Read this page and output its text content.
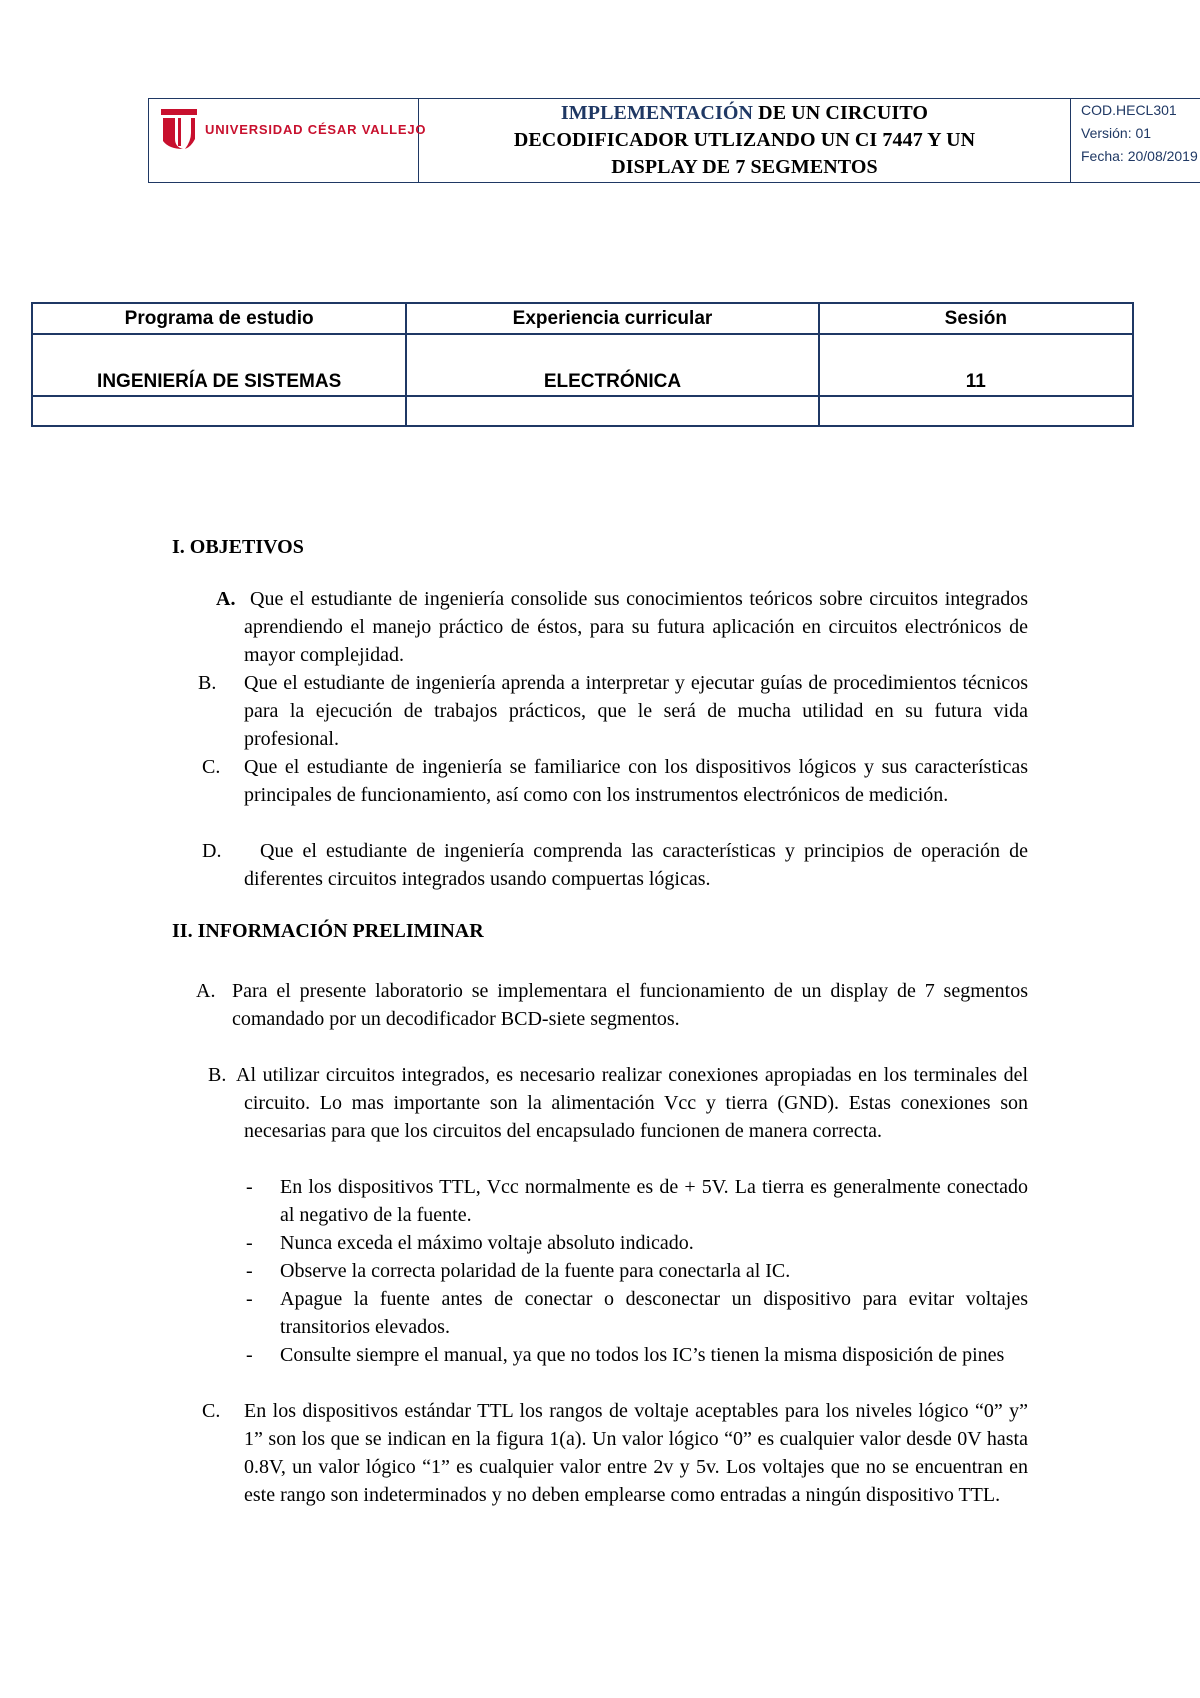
UNIVERSIDAD CÉSAR VALLEJO
IMPLEMENTACIÓN DE UN CIRCUITO
DECODIFICADOR UTLIZANDO UN CI 7447 Y UN
DISPLAY DE 7 SEGMENTOS
COD.HECL301
Versión: 01
Fecha: 20/08/2019
Programa de estudio	Experiencia curricular	Sesión
INGENIERÍA DE SISTEMAS	ELECTRÓNICA	11

I. OBJETIVOS
A. Que el estudiante de ingeniería consolide sus conocimientos teóricos sobre circuitos integrados aprendiendo el manejo práctico de éstos, para su futura aplicación en circuitos electrónicos de mayor complejidad.
B. Que el estudiante de ingeniería aprenda a interpretar y ejecutar guías de procedimientos técnicos para la ejecución de trabajos prácticos, que le será de mucha utilidad en su futura vida profesional.
C. Que el estudiante de ingeniería se familiarice con los dispositivos lógicos y sus características principales de funcionamiento, así como con los instrumentos electrónicos de medición.
D.	Que el estudiante de ingeniería comprenda las características y principios de operación de diferentes circuitos integrados usando compuertas lógicas.
II. INFORMACIÓN PRELIMINAR
A. Para el presente laboratorio se implementara el funcionamiento de un display de 7 segmentos comandado por un decodificador BCD-siete segmentos.
B. Al utilizar circuitos integrados, es necesario realizar conexiones apropiadas en los terminales del circuito. Lo mas importante son la alimentación Vcc y tierra (GND). Estas conexiones son necesarias para que los circuitos del encapsulado funcionen de manera correcta.
- En los dispositivos TTL, Vcc normalmente es de + 5V. La tierra es generalmente conectado al negativo de la fuente.
- Nunca exceda el máximo voltaje absoluto indicado.
- Observe la correcta polaridad de la fuente para conectarla al IC.
- Apague la fuente antes de conectar o desconectar un dispositivo para evitar voltajes transitorios elevados.
- Consulte siempre el manual, ya que no todos los IC’s tienen la misma disposición de pines
C. En los dispositivos estándar TTL los rangos de voltaje aceptables para los niveles lógico “0” y” 1” son los que se indican en la figura 1(a). Un valor lógico “0” es cualquier valor desde 0V hasta 0.8V, un valor lógico “1” es cualquier valor entre 2v y 5v. Los voltajes que no se encuentran en este rango son indeterminados y no deben emplearse como entradas a ningún dispositivo TTL.
